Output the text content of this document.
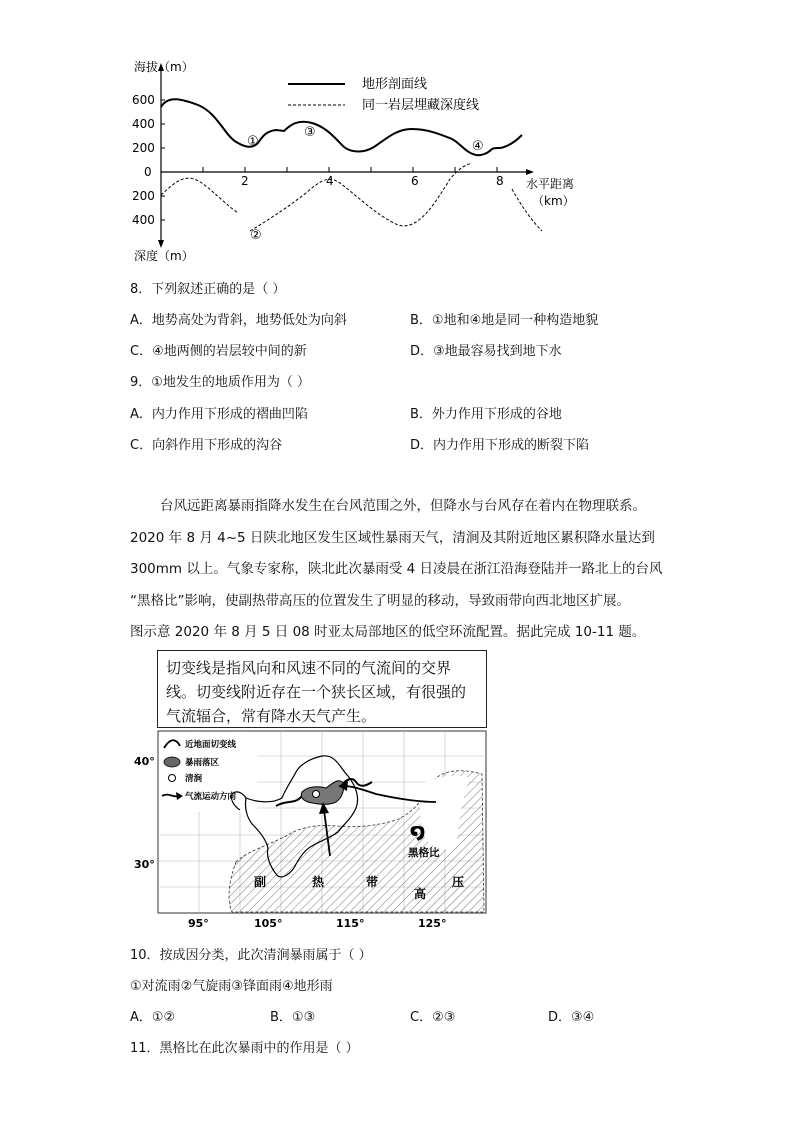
海拔（m）
深度（m）
600
400
200
0
200
400
2	4	6	8 水平距离
（km）
地形剖面线
同一岩层埋藏深度线
①
②
③
④
8．下列叙述正确的是（ ）
A．地势高处为背斜，地势低处为向斜	B．①地和④地是同一种构造地貌
C．④地两侧的岩层较中间的新	D．③地最容易找到地下水
9．①地发生的地质作用为（ ）
A．内力作用下形成的褶曲凹陷	B．外力作用下形成的谷地
C．向斜作用下形成的沟谷	D．内力作用下形成的断裂下陷
台风远距离暴雨指降水发生在台风范围之外，但降水与台风存在着内在物理联系。
2020 年 8 月 4~5 日陕北地区发生区域性暴雨天气，清涧及其附近地区累积降水量达到
300mm 以上。气象专家称，陕北此次暴雨受 4 日凌晨在浙江沿海登陆并一路北上的台风
“黑格比”影响，使副热带高压的位置发生了明显的移动，导致雨带向西北地区扩展。
图示意 2020 年 8 月 5 日 08 时亚太局部地区的低空环流配置。据此完成 10-11 题。
切变线是指风向和风速不同的气流间的交界
线。切变线附近存在一个狭长区域，有很强的
气流辐合，常有降水天气产生。
໑
黑格比
副	热	带
高
压
近地面切变线
暴雨落区
清涧
气流运动方向
40°
30°
95°	105°	115°	125°
10．按成因分类，此次清涧暴雨属于（ ）
①对流雨②气旋雨③锋面雨④地形雨
A．①②	B．①③	C．②③	D．③④
11．黑格比在此次暴雨中的作用是（ ）
